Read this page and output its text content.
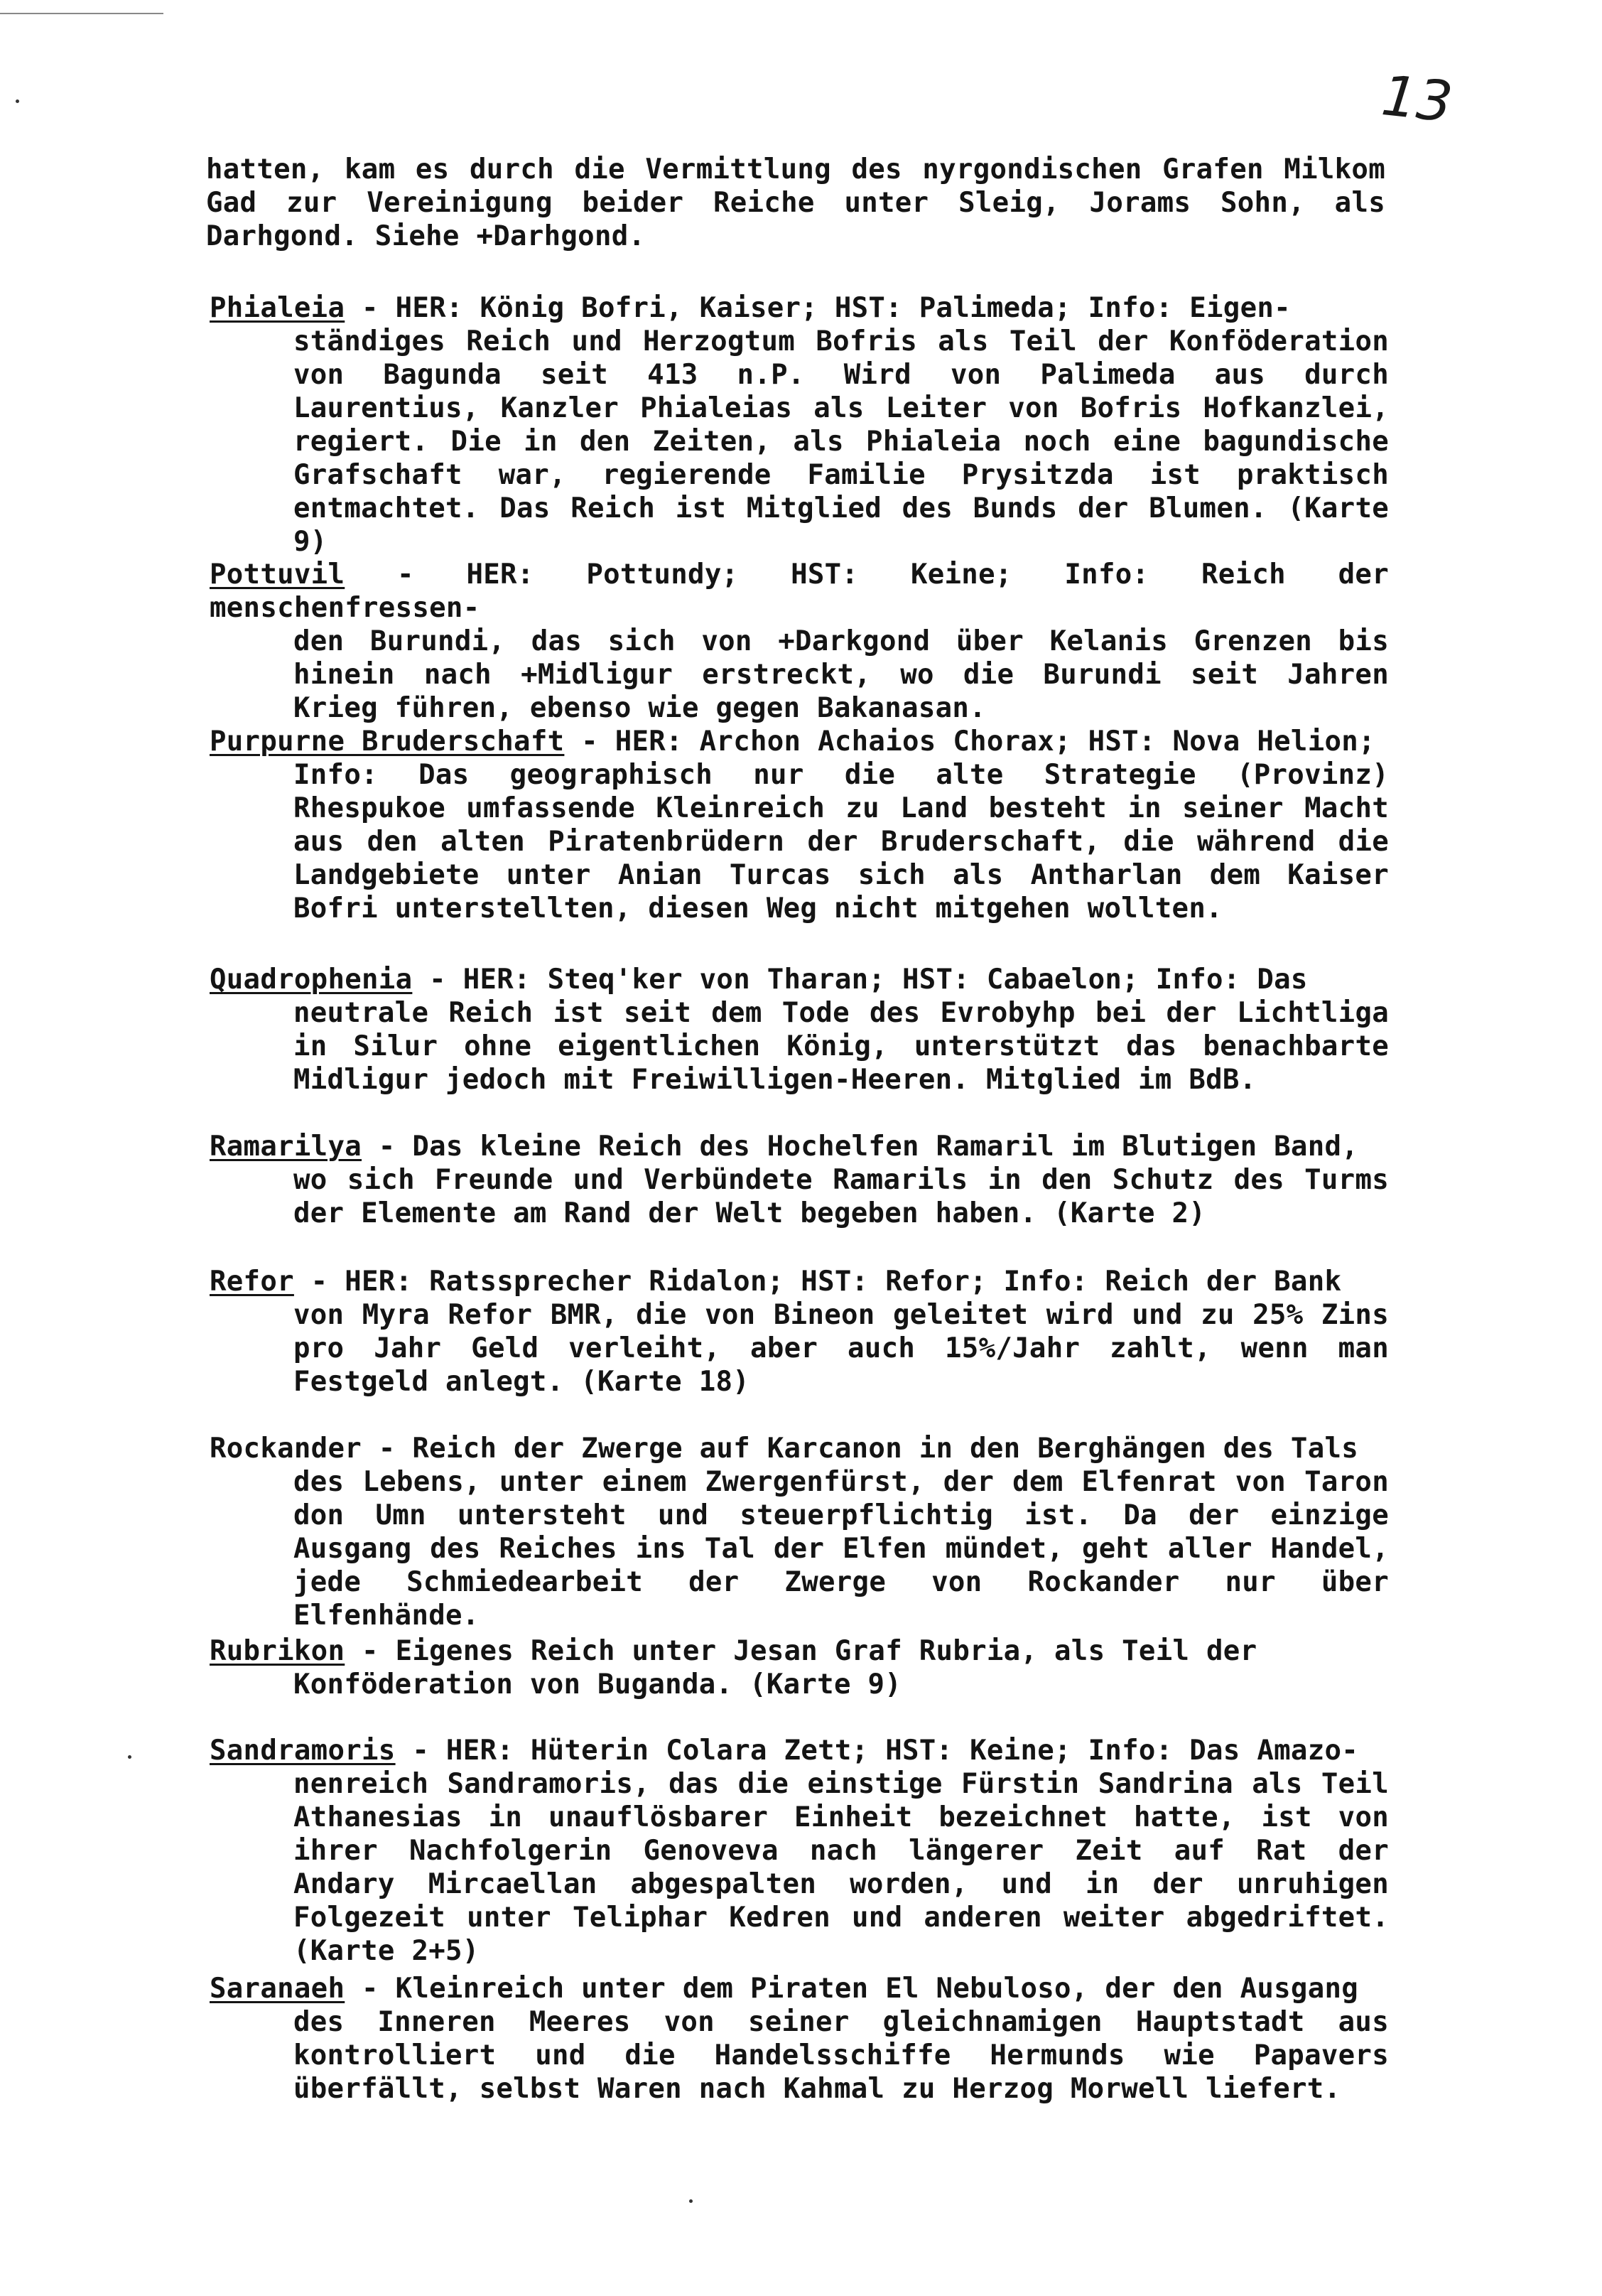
13
hatten, kam es durch die Vermittlung des nyrgondischen Grafen Milkom Gad zur Vereinigung beider Reiche unter Sleig, Jorams Sohn, als Darhgond. Siehe +Darhgond.
Phialeia - HER: König Bofri, Kaiser; HST: Palimeda; Info: Eigen-
ständiges Reich und Herzogtum Bofris als Teil der Konföderation von Bagunda seit 413 n.P. Wird von Palimeda aus durch Laurentius, Kanzler Phialeias als Leiter von Bofris Hofkanzlei, regiert. Die in den Zeiten, als Phialeia noch eine bagundische Grafschaft war, regierende Familie Prysitzda ist praktisch entmachtet. Das Reich ist Mitglied des Bunds der Blumen. (Karte 9)
Pottuvil - HER: Pottundy; HST: Keine; Info: Reich der menschenfressen-
den Burundi, das sich von +Darkgond über Kelanis Grenzen bis hinein nach +Midligur erstreckt, wo die Burundi seit Jahren Krieg führen, ebenso wie gegen Bakanasan.
Purpurne Bruderschaft - HER: Archon Achaios Chorax; HST: Nova Helion;
Info: Das geographisch nur die alte Strategie (Provinz) Rhespukoe umfassende Kleinreich zu Land besteht in seiner Macht aus den alten Piratenbrüdern der Bruderschaft, die während die Landgebiete unter Anian Turcas sich als Antharlan dem Kaiser Bofri unterstellten, diesen Weg nicht mitgehen wollten.
Quadrophenia - HER: Steq'ker von Tharan; HST: Cabaelon; Info: Das
neutrale Reich ist seit dem Tode des Evrobyhp bei der Lichtliga in Silur ohne eigentlichen König, unterstützt das benachbarte Midligur jedoch mit Freiwilligen-Heeren. Mitglied im BdB.
Ramarilya - Das kleine Reich des Hochelfen Ramaril im Blutigen Band,
wo sich Freunde und Verbündete Ramarils in den Schutz des Turms der Elemente am Rand der Welt begeben haben. (Karte 2)
Refor - HER: Ratssprecher Ridalon; HST: Refor; Info: Reich der Bank
von Myra Refor BMR, die von Bineon geleitet wird und zu 25% Zins pro Jahr Geld verleiht, aber auch 15%/Jahr zahlt, wenn man Festgeld anlegt. (Karte 18)
Rockander - Reich der Zwerge auf Karcanon in den Berghängen des Tals
des Lebens, unter einem Zwergenfürst, der dem Elfenrat von Taron don Umn untersteht und steuerpflichtig ist. Da der einzige Ausgang des Reiches ins Tal der Elfen mündet, geht aller Handel, jede Schmiedearbeit der Zwerge von Rockander nur über Elfenhände.
Rubrikon - Eigenes Reich unter Jesan Graf Rubria, als Teil der
Konföderation von Buganda. (Karte 9)
Sandramoris - HER: Hüterin Colara Zett; HST: Keine; Info: Das Amazo-
nenreich Sandramoris, das die einstige Fürstin Sandrina als Teil Athanesias in unauflösbarer Einheit bezeichnet hatte, ist von ihrer Nachfolgerin Genoveva nach längerer Zeit auf Rat der Andary Mircaellan abgespalten worden, und in der unruhigen Folgezeit unter Teliphar Kedren und anderen weiter abgedriftet. (Karte 2+5)
Saranaeh - Kleinreich unter dem Piraten El Nebuloso, der den Ausgang
des Inneren Meeres von seiner gleichnamigen Hauptstadt aus kontrolliert und die Handelsschiffe Hermunds wie Papavers überfällt, selbst Waren nach Kahmal zu Herzog Morwell liefert.
